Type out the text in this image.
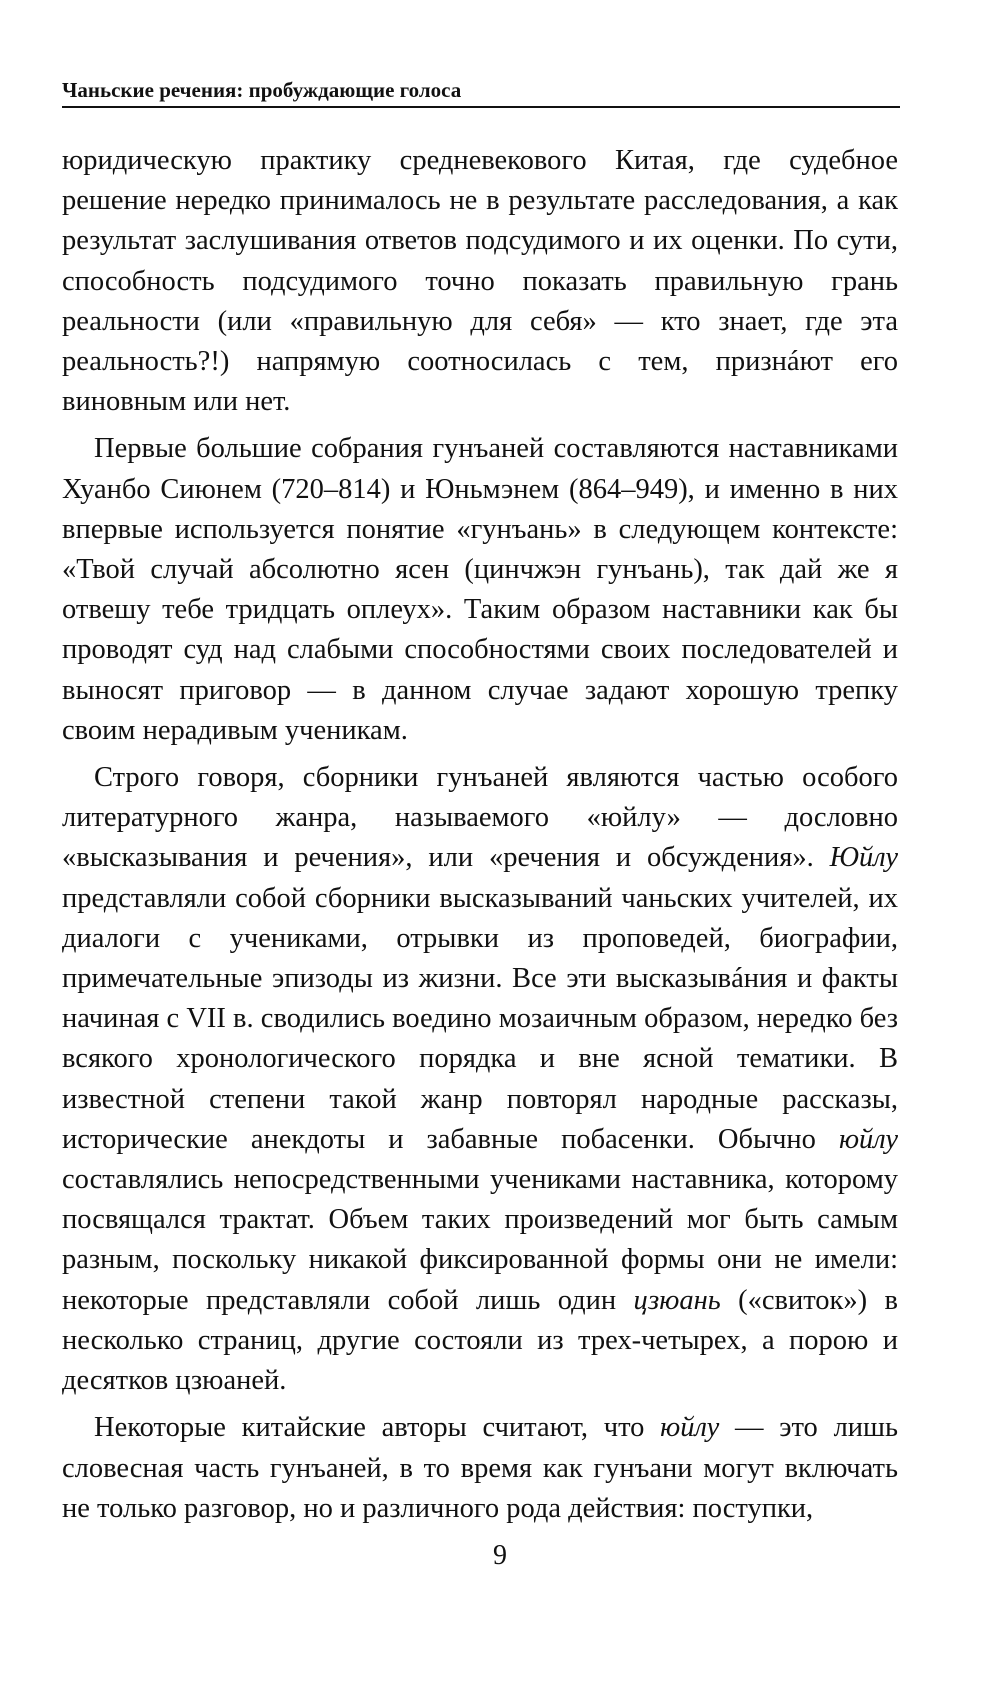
Чаньские речения: пробуждающие голоса

юридическую практику средневекового Китая, где судебное решение нередко принималось не в результате расследования, а как результат заслушивания ответов подсудимого и их оценки. По сути, способность подсудимого точно показать правильную грань реальности (или «правильную для себя» — кто знает, где эта реальность?!) напрямую соотносилась с тем, признáют его виновным или нет.

Первые большие собрания гунъаней составляются наставниками Хуанбо Сиюнем (720–814) и Юньмэнем (864–949), и именно в них впервые используется понятие «гунъань» в следующем контексте: «Твой случай абсолютно ясен (цинчжэн гунъань), так дай же я отвешу тебе тридцать оплеух». Таким образом наставники как бы проводят суд над слабыми способностями своих последователей и выносят приговор — в данном случае задают хорошую трепку своим нерадивым ученикам.

Строго говоря, сборники гунъаней являются частью особого литературного жанра, называемого «юйлу» — дословно «высказывания и речения», или «речения и обсуждения». Юйлу представляли собой сборники высказываний чаньских учителей, их диалоги с учениками, отрывки из проповедей, биографии, примечательные эпизоды из жизни. Все эти высказывáния и факты начиная с VII в. сводились воедино мозаичным образом, нередко без всякого хронологического порядка и вне ясной тематики. В известной степени такой жанр повторял народные рассказы, исторические анекдоты и забавные побасенки. Обычно юйлу составлялись непосредственными учениками наставника, которому посвящался трактат. Объем таких произведений мог быть самым разным, поскольку никакой фиксированной формы они не имели: некоторые представляли собой лишь один цзюань («свиток») в несколько страниц, другие состояли из трех-четырех, а порою и десятков цзюаней.

Некоторые китайские авторы считают, что юйлу — это лишь словесная часть гунъаней, в то время как гунъани могут включать не только разговор, но и различного рода действия: поступки,

9
